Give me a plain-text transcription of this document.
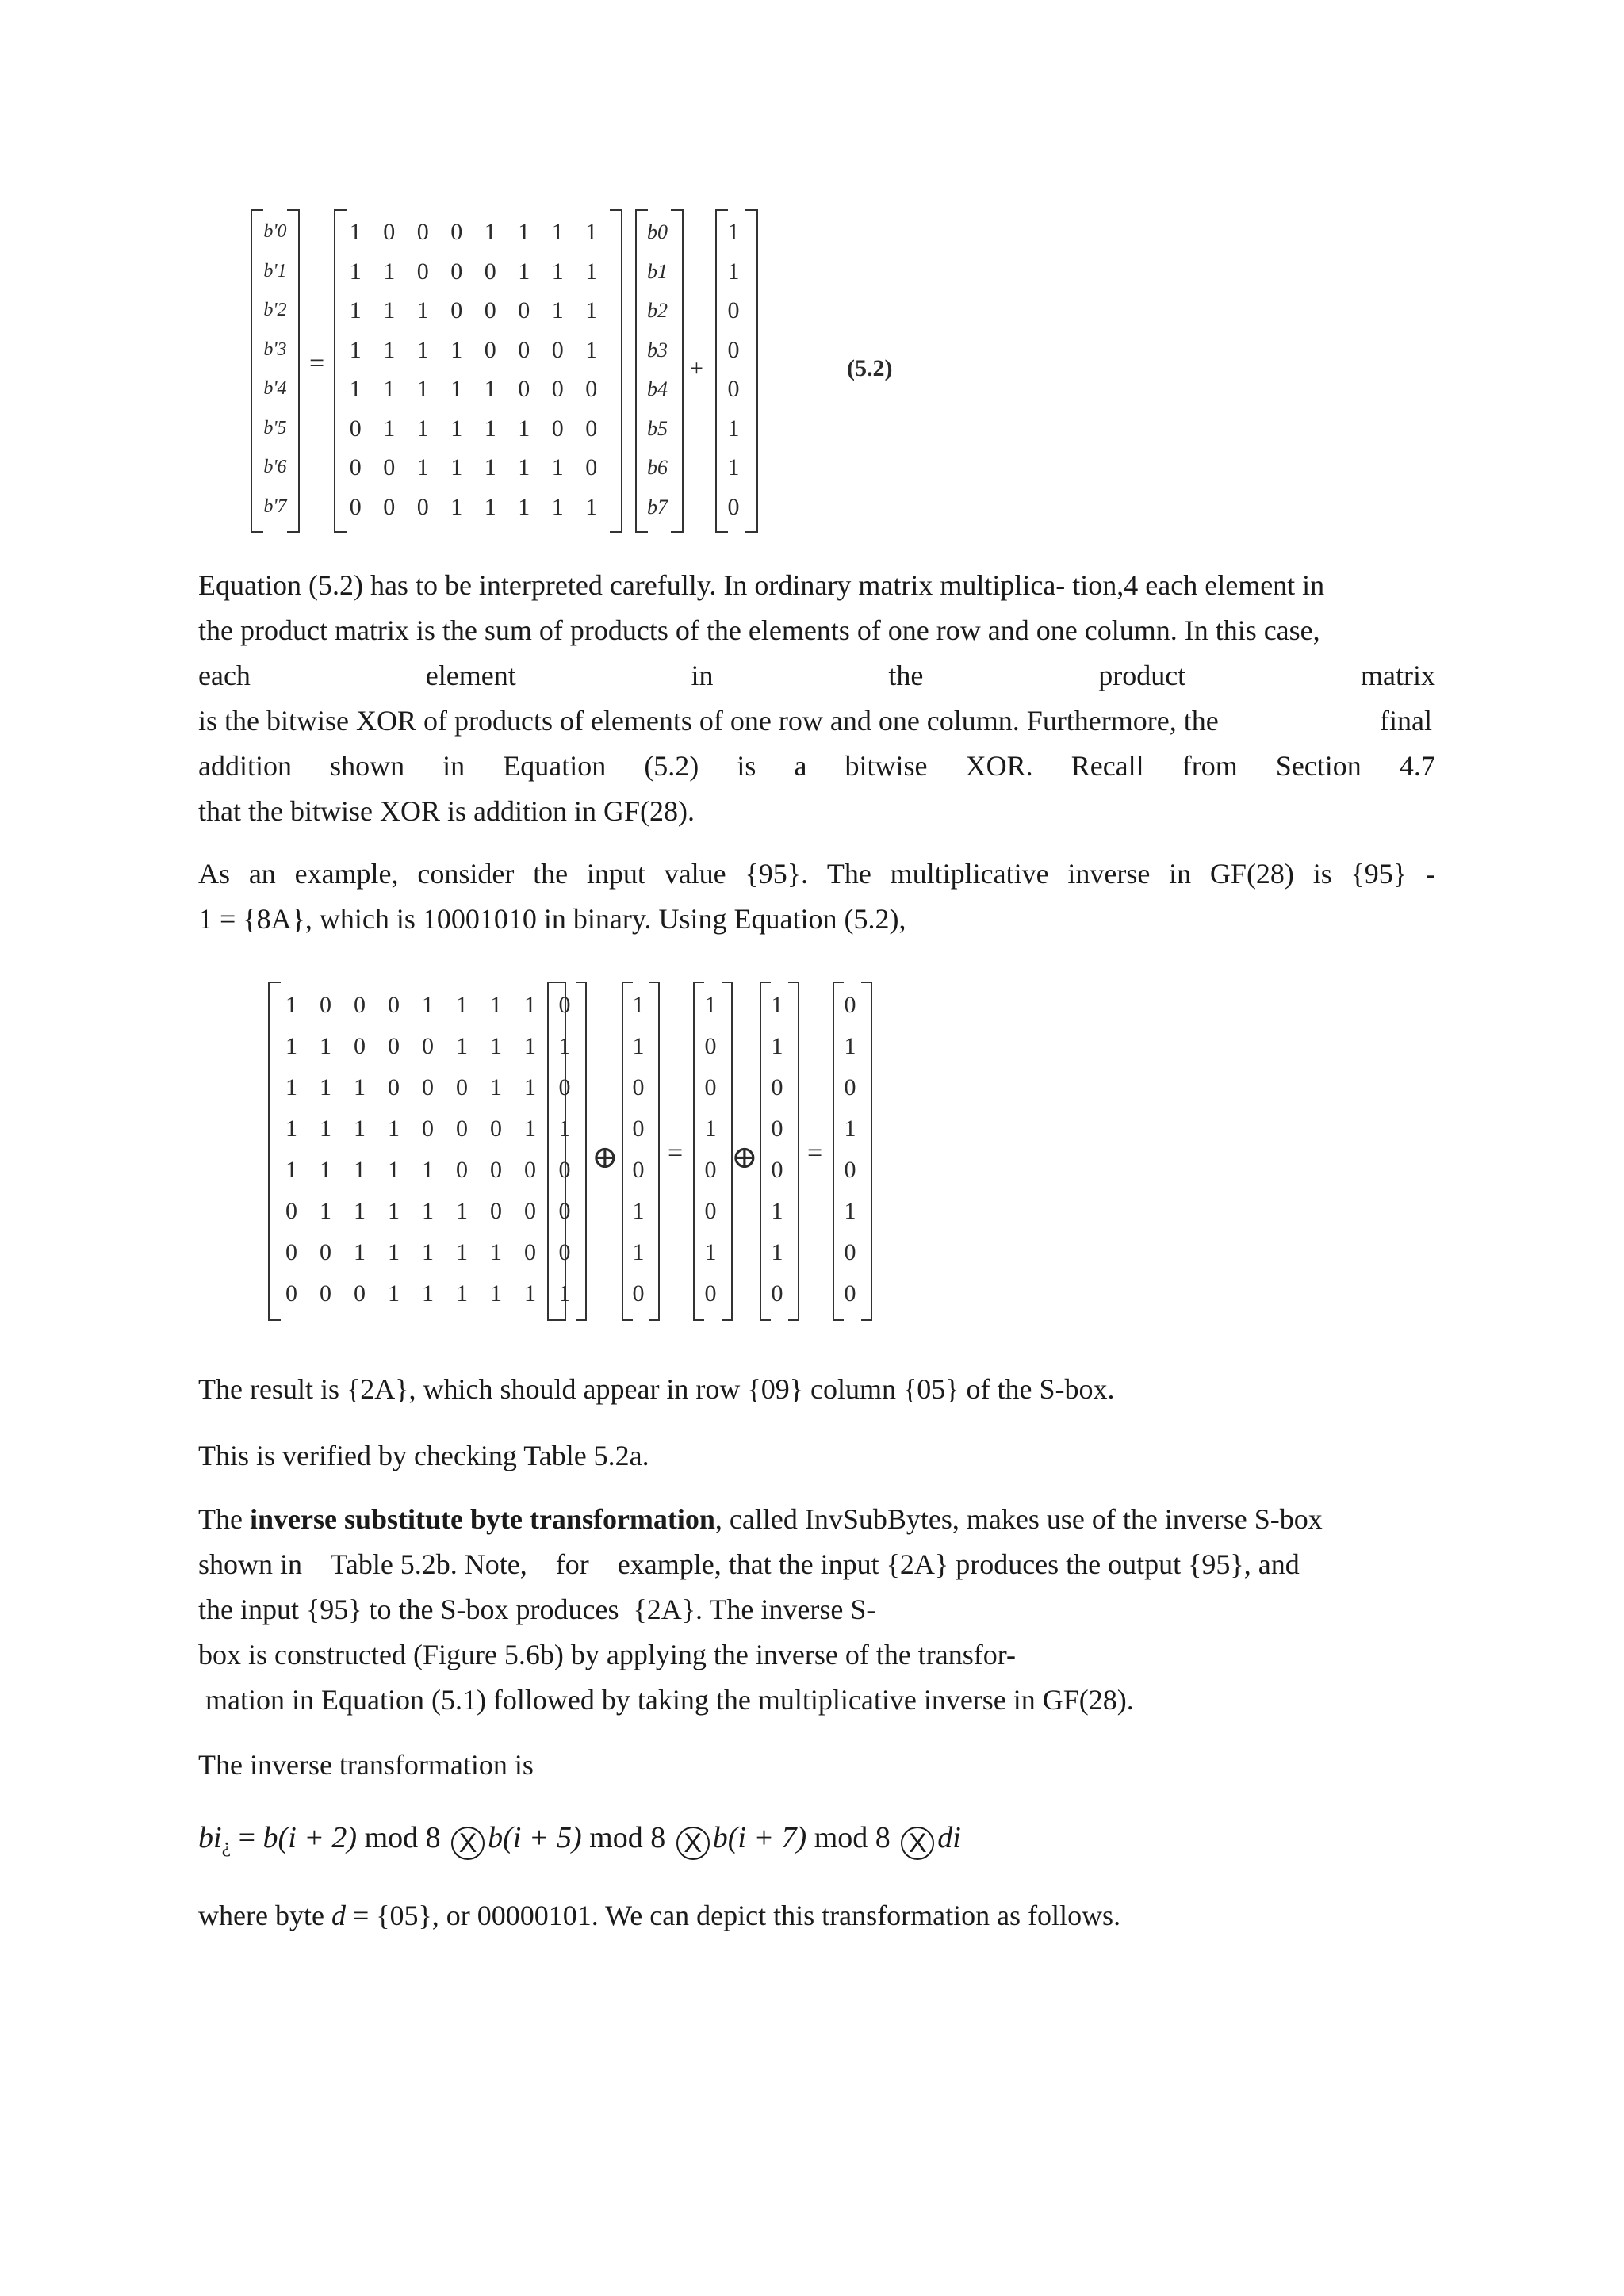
b'0
b'1
b'2
b'3
b'4
b'5
b'6
b'7
=
1 0 0 0 1 1 1 1
1 1 0 0 0 1 1 1
1 1 1 0 0 0 1 1
1 1 1 1 0 0 0 1
1 1 1 1 1 0 0 0
0 1 1 1 1 1 0 0
0 0 1 1 1 1 1 0
0 0 0 1 1 1 1 1
b0
b1
b2
b3
b4
b5
b6
b7
+
1
1
0
0
0
1
1
0
(5.2)
Equation (5.2) has to be interpreted carefully. In ordinary matrix multiplica- tion,4 each element in
the product matrix is the sum of products of the elements of one row and one column. In this case,
each	element	in	the	product	matrix
is the bitwise XOR of products of elements of one row and one column. Furthermore, the	final
addition shown in Equation (5.2) is a bitwise XOR. Recall from Section 4.7
that the bitwise XOR is addition in GF(28).
As an example, consider the input value {95}. The multiplicative inverse in GF(28) is {95} -
1 = {8A}, which is 10001010 in binary. Using Equation (5.2),
1 0 0 0 1 1 1 1
1 1 0 0 0 1 1 1
1 1 1 0 0 0 1 1
1 1 1 1 0 0 0 1
1 1 1 1 1 0 0 0
0 1 1 1 1 1 0 0
0 0 1 1 1 1 1 0
0 0 0 1 1 1 1 1
0
1
0
1
0
0
0
1
⊕
1
1
0
0
0
1
1
0
=
1
0
0
1
0
0
1
0
⊕
1
1
0
0
0
1
1
0
=
0
1
0
1
0
1
0
0
The result is {2A}, which should appear in row {09} column {05} of the S-box.
This is verified by checking Table 5.2a.
The inverse substitute byte transformation, called InvSubBytes, makes use of the inverse S-box
shown in    Table 5.2b. Note,    for    example, that the input {2A} produces the output {95}, and
the input {95} to the S-box produces  {2A}. The inverse S-
box is constructed (Figure 5.6b) by applying the inverse of the transfor-
mation in Equation (5.1) followed by taking the multiplicative inverse in GF(28).
The inverse transformation is
bi¿ = b(i + 2) mod 8 X b(i + 5) mod 8 X b(i + 7) mod 8 X di
where byte d = {05}, or 00000101. We can depict this transformation as follows.
